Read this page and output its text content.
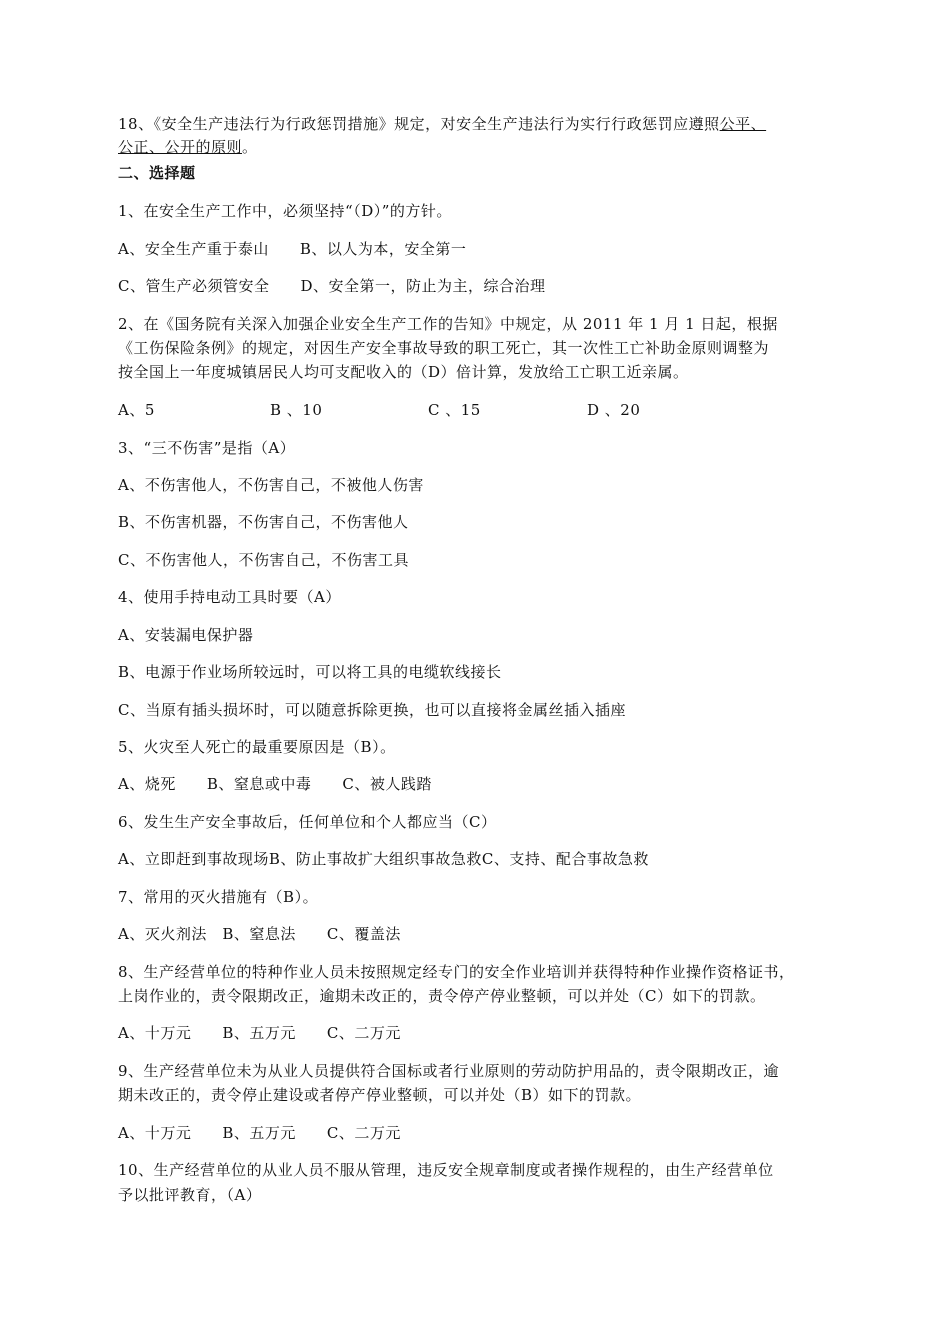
18、《安全生产违法行为行政惩罚措施》规定，对安全生产违法行为实行行政惩罚应遵照公平、
公正、公开的原则。
二、选择题
1、在安全生产工作中，必须坚持“（D）”的方针。
A、安全生产重于泰山　　B、以人为本，安全第一
C、管生产必须管安全　　D、安全第一，防止为主，综合治理
2、在《国务院有关深入加强企业安全生产工作的告知》中规定，从 2011 年 1 月 1 日起，根据
《工伤保险条例》的规定，对因生产安全事故导致的职工死亡，其一次性工亡补助金原则调整为
按全国上一年度城镇居民人均可支配收入的（D）倍计算，发放给工亡职工近亲属。
A、5	B 、10	C 、15	D 、20
3、“三不伤害”是指（A）
A、不伤害他人，不伤害自己，不被他人伤害
B、不伤害机器，不伤害自己，不伤害他人
C、不伤害他人，不伤害自己，不伤害工具
4、使用手持电动工具时要（A）
A、安装漏电保护器
B、电源于作业场所较远时，可以将工具的电缆软线接长
C、当原有插头损坏时，可以随意拆除更换，也可以直接将金属丝插入插座
5、火灾至人死亡的最重要原因是（B）。
A、烧死　　B、窒息或中毒　　C、被人践踏
6、发生生产安全事故后，任何单位和个人都应当（C）
A、立即赶到事故现场B、防止事故扩大组织事故急救C、支持、配合事故急救
7、常用的灭火措施有（B）。
A、灭火剂法　B、窒息法　　C、覆盖法
8、生产经营单位的特种作业人员未按照规定经专门的安全作业培训并获得特种作业操作资格证书，
上岗作业的，责令限期改正，逾期未改正的，责令停产停业整顿，可以并处（C）如下的罚款。
A、十万元　　B、五万元　　C、二万元
9、生产经营单位未为从业人员提供符合国标或者行业原则的劳动防护用品的，责令限期改正，逾
期未改正的，责令停止建设或者停产停业整顿，可以并处（B）如下的罚款。
A、十万元　　B、五万元　　C、二万元
10、生产经营单位的从业人员不服从管理，违反安全规章制度或者操作规程的，由生产经营单位
予以批评教育，（A）
